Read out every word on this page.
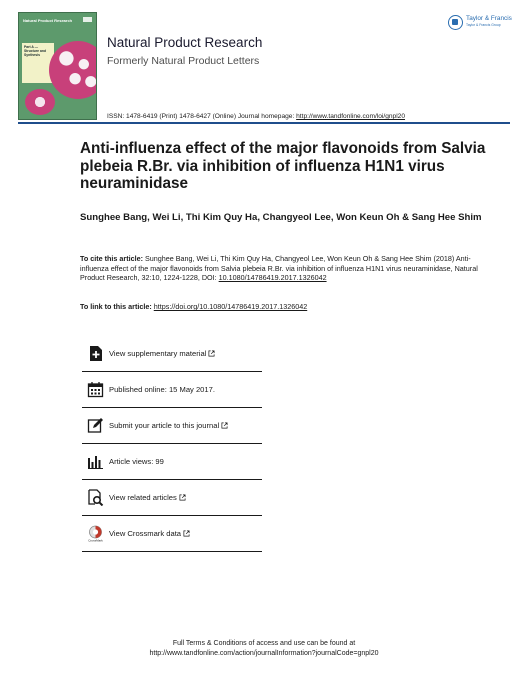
Natural Product Research
Part A — Structure and Synthesis
Natural Product Research
Formerly Natural Product Letters
Taylor & Francis
Taylor & Francis Group
ISSN: 1478-6419 (Print) 1478-6427 (Online) Journal homepage: http://www.tandfonline.com/loi/gnpl20
Anti-influenza effect of the major flavonoids from Salvia plebeia R.Br. via inhibition of influenza H1N1 virus neuraminidase
Sunghee Bang, Wei Li, Thi Kim Quy Ha, Changyeol Lee, Won Keun Oh & Sang Hee Shim
To cite this article: Sunghee Bang, Wei Li, Thi Kim Quy Ha, Changyeol Lee, Won Keun Oh & Sang Hee Shim (2018) Anti-influenza effect of the major flavonoids from Salvia plebeia R.Br. via inhibition of influenza H1N1 virus neuraminidase, Natural Product Research, 32:10, 1224-1228, DOI: 10.1080/14786419.2017.1326042
To link to this article: https://doi.org/10.1080/14786419.2017.1326042
View supplementary material
Published online: 15 May 2017.
Submit your article to this journal
Article views: 99
View related articles
CrossMark
View Crossmark data
Full Terms & Conditions of access and use can be found at
http://www.tandfonline.com/action/journalInformation?journalCode=gnpl20
